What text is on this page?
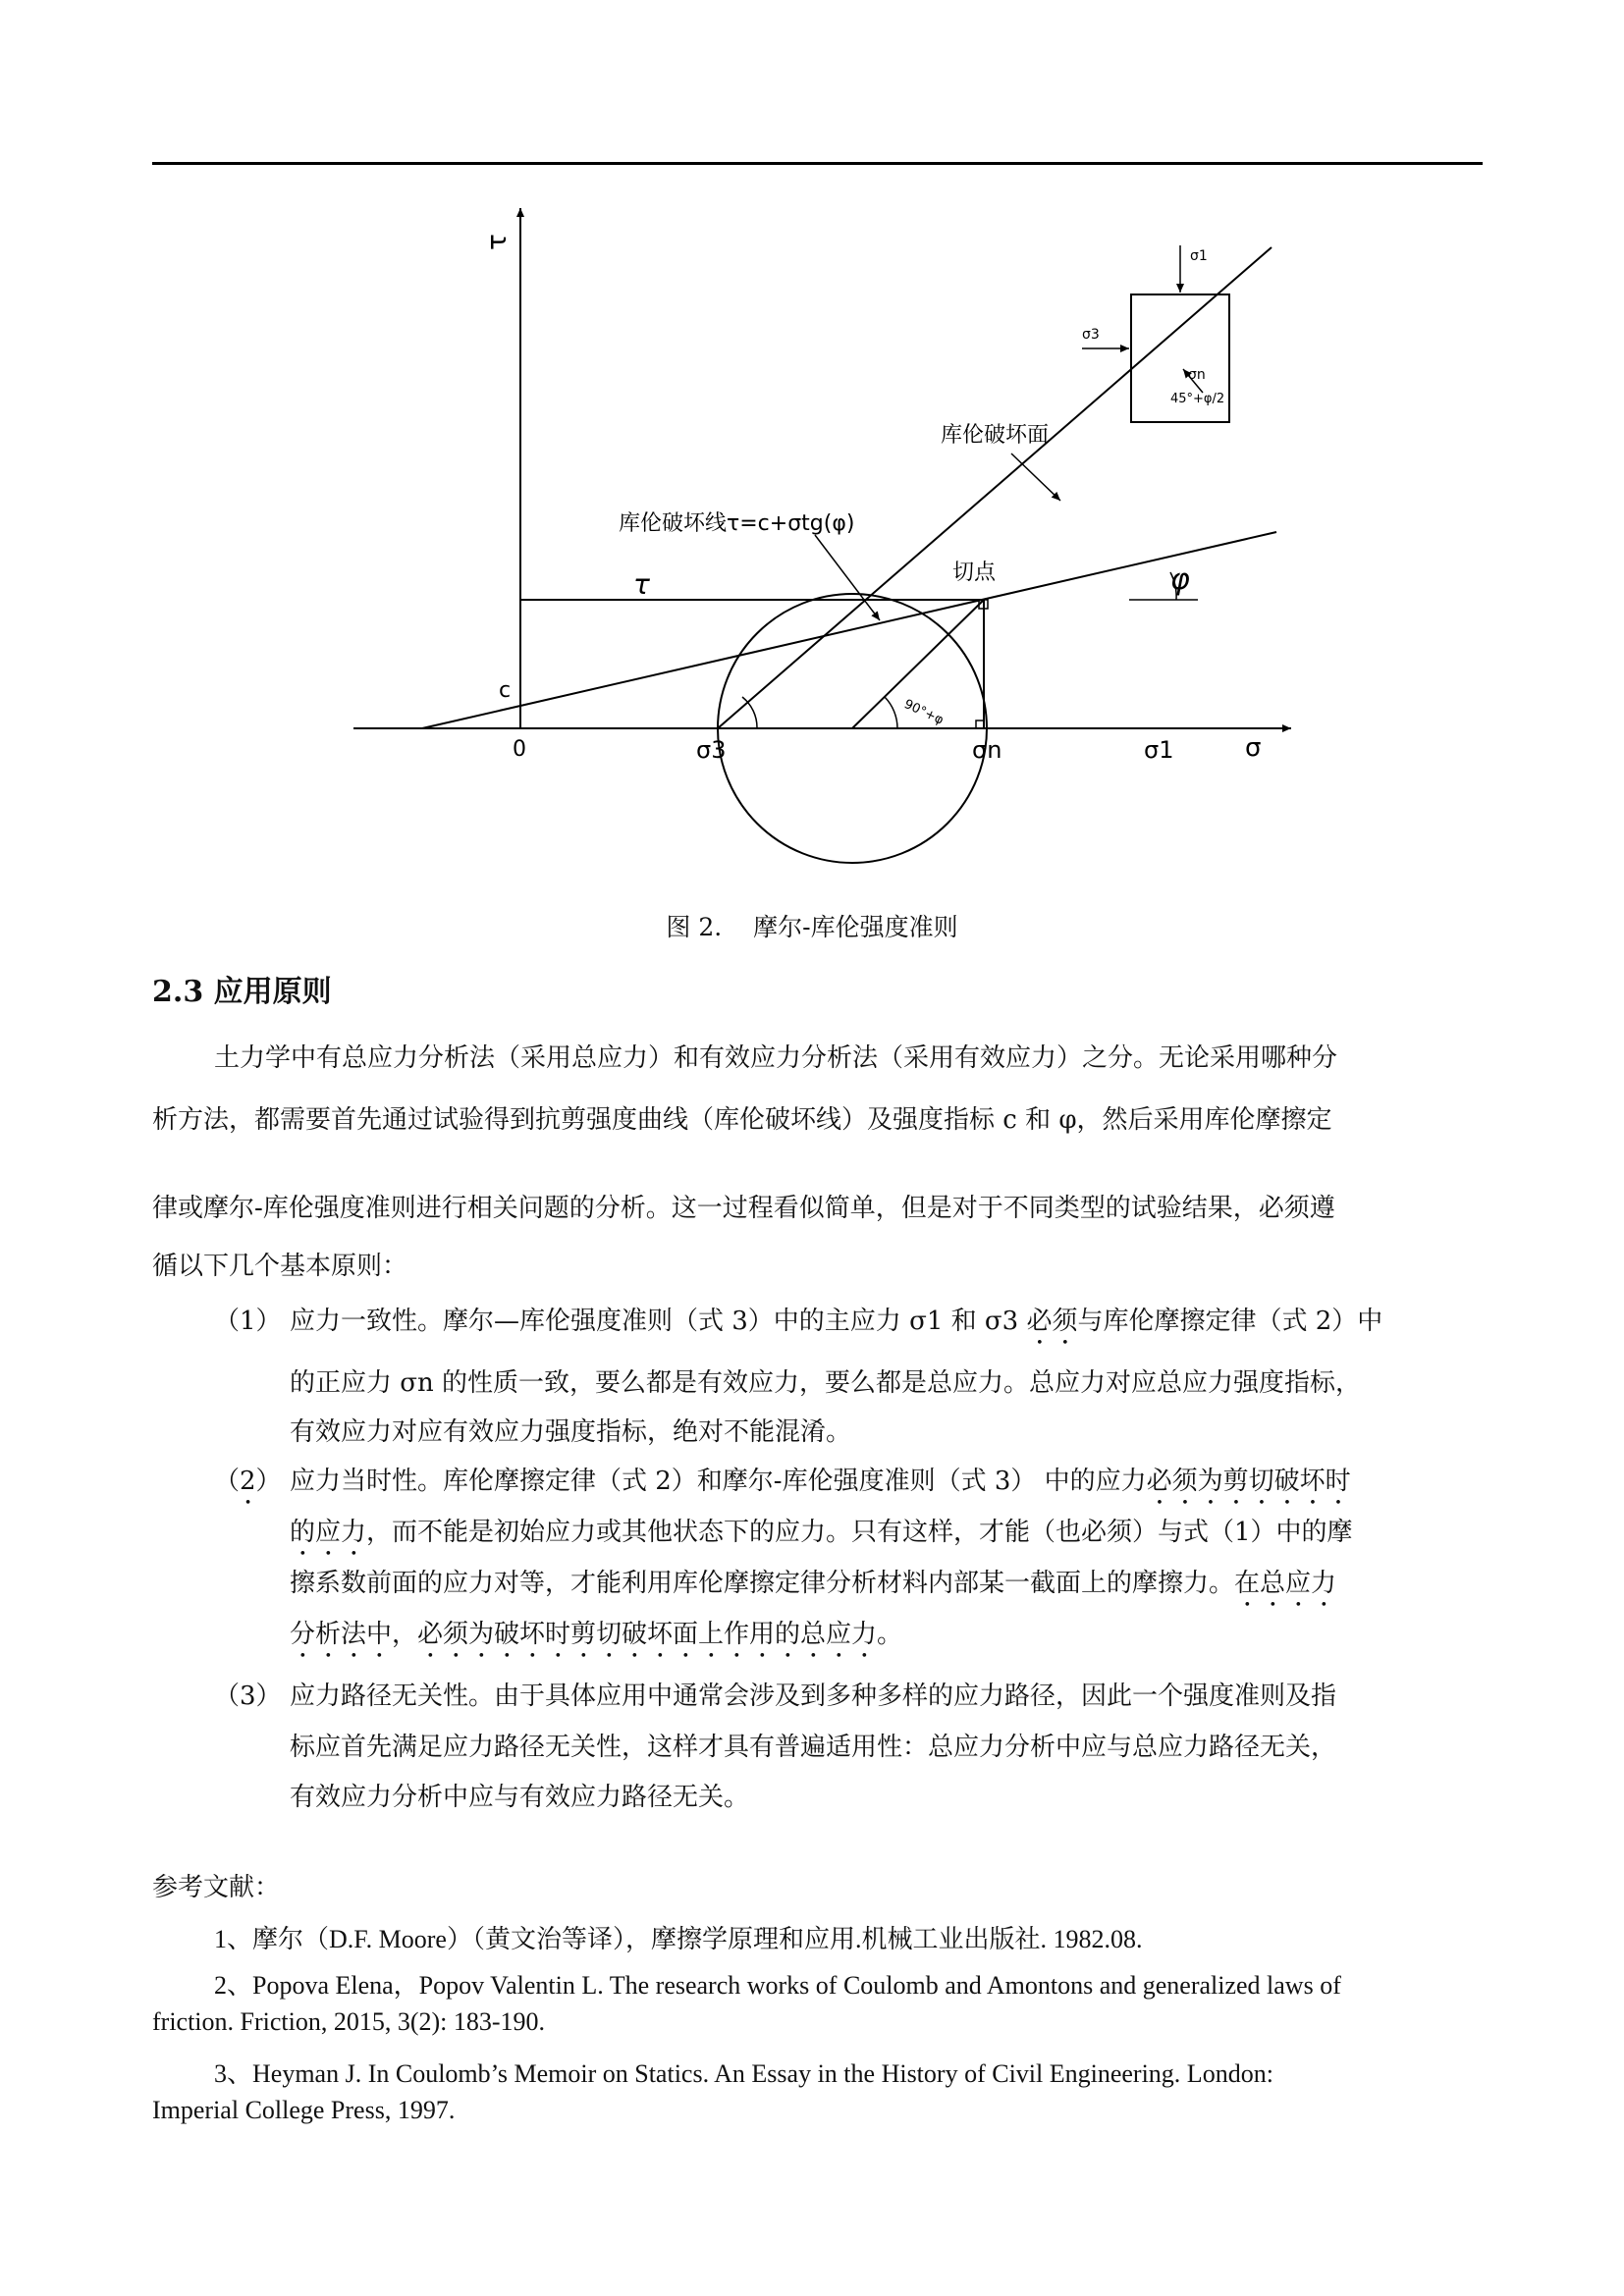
τ
σ
0
c
τ
90°+φ
φ
σ3	σn	σ1
切点
库伦破坏线τ=c+σtg(φ)
库伦破坏面
σ1
σ3
σn
45°+φ/2
图 2. 摩尔-库伦强度准则
2.3 应用原则
土力学中有总应力分析法（采用总应力）和有效应力分析法（采用有效应力）之分。无论采用哪种分
析方法，都需要首先通过试验得到抗剪强度曲线（库伦破坏线）及强度指标 c 和 φ，然后采用库伦摩擦定
律或摩尔-库伦强度准则进行相关问题的分析。这一过程看似简单，但是对于不同类型的试验结果，必须遵
循以下几个基本原则：
（1） 应力一致性。摩尔—库伦强度准则（式 3）中的主应力 σ1 和 σ3 必须与库伦摩擦定律（式 2）中
的正应力 σn 的性质一致，要么都是有效应力，要么都是总应力。总应力对应总应力强度指标，
有效应力对应有效应力强度指标，绝对不能混淆。
（2） 应力当时性。库伦摩擦定律（式 2）和摩尔-库伦强度准则（式 3） 中的应力必须为剪切破坏时
的应力，而不能是初始应力或其他状态下的应力。只有这样，才能（也必须）与式（1）中的摩
擦系数前面的应力对等，才能利用库伦摩擦定律分析材料内部某一截面上的摩擦力。在总应力
分析法中，必须为破坏时剪切破坏面上作用的总应力。
（3） 应力路径无关性。由于具体应用中通常会涉及到多种多样的应力路径，因此一个强度准则及指
标应首先满足应力路径无关性，这样才具有普遍适用性：总应力分析中应与总应力路径无关，
有效应力分析中应与有效应力路径无关。
参考文献：
1、摩尔（D.F. Moore）（黄文治等译），摩擦学原理和应用.机械工业出版社. 1982.08.
2、Popova Elena，Popov Valentin L. The research works of Coulomb and Amontons and generalized laws of
friction. Friction, 2015, 3(2): 183-190.
3、Heyman J. In Coulomb’s Memoir on Statics. An Essay in the History of Civil Engineering. London:
Imperial College Press, 1997.
